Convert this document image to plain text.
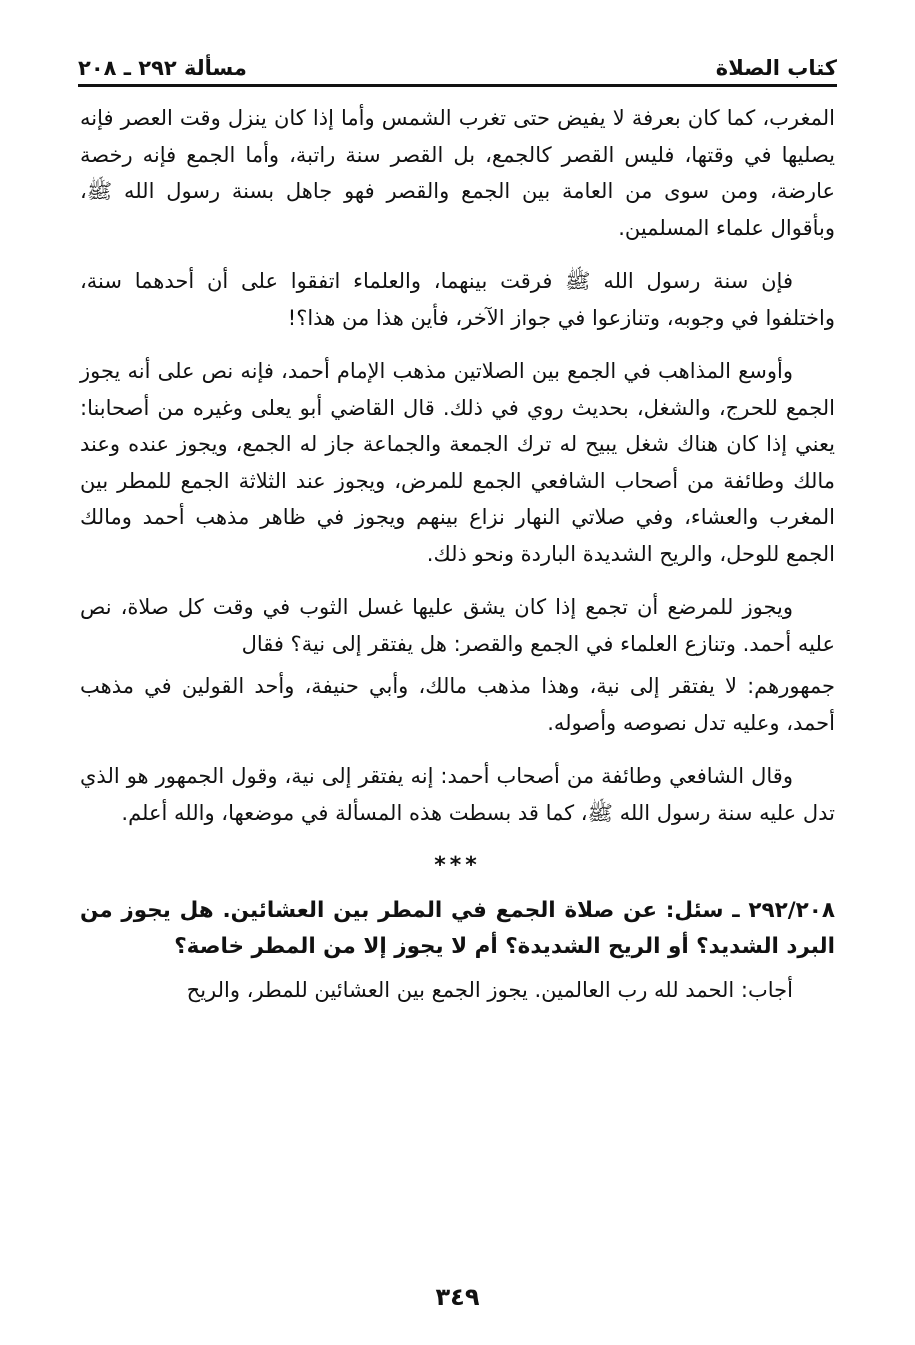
كتاب الصلاة
مسألة ٢٩٢ ـ ٢٠٨

المغرب، كما كان بعرفة لا يفيض حتى تغرب الشمس وأما إذا كان ينزل وقت العصر فإنه يصليها في وقتها، فليس القصر كالجمع، بل القصر سنة راتبة، وأما الجمع فإنه رخصة عارضة، ومن سوى من العامة بين الجمع والقصر فهو جاهل بسنة رسول الله ﷺ، وبأقوال علماء المسلمين.

فإن سنة رسول الله ﷺ فرقت بينهما، والعلماء اتفقوا على أن أحدهما سنة، واختلفوا في وجوبه، وتنازعوا في جواز الآخر، فأين هذا من هذا؟!

وأوسع المذاهب في الجمع بين الصلاتين مذهب الإمام أحمد، فإنه نص على أنه يجوز الجمع للحرج، والشغل، بحديث روي في ذلك. قال القاضي أبو يعلى وغيره من أصحابنا: يعني إذا كان هناك شغل يبيح له ترك الجمعة والجماعة جاز له الجمع، ويجوز عنده وعند مالك وطائفة من أصحاب الشافعي الجمع للمرض، ويجوز عند الثلاثة الجمع للمطر بين المغرب والعشاء، وفي صلاتي النهار نزاع بينهم ويجوز في ظاهر مذهب أحمد ومالك الجمع للوحل، والريح الشديدة الباردة ونحو ذلك.

ويجوز للمرضع أن تجمع إذا كان يشق عليها غسل الثوب في وقت كل صلاة، نص عليه أحمد. وتنازع العلماء في الجمع والقصر: هل يفتقر إلى نية؟ فقال

جمهورهم: لا يفتقر إلى نية، وهذا مذهب مالك، وأبي حنيفة، وأحد القولين في مذهب أحمد، وعليه تدل نصوصه وأصوله.

وقال الشافعي وطائفة من أصحاب أحمد: إنه يفتقر إلى نية، وقول الجمهور هو الذي تدل عليه سنة رسول الله ﷺ، كما قد بسطت هذه المسألة في موضعها، والله أعلم.

***

٢٩٢/٢٠٨ ـ سئل: عن صلاة الجمع في المطر بين العشائين. هل يجوز من البرد الشديد؟ أو الريح الشديدة؟ أم لا يجوز إلا من المطر خاصة؟

أجاب: الحمد لله رب العالمين. يجوز الجمع بين العشائين للمطر، والريح

٣٤٩
